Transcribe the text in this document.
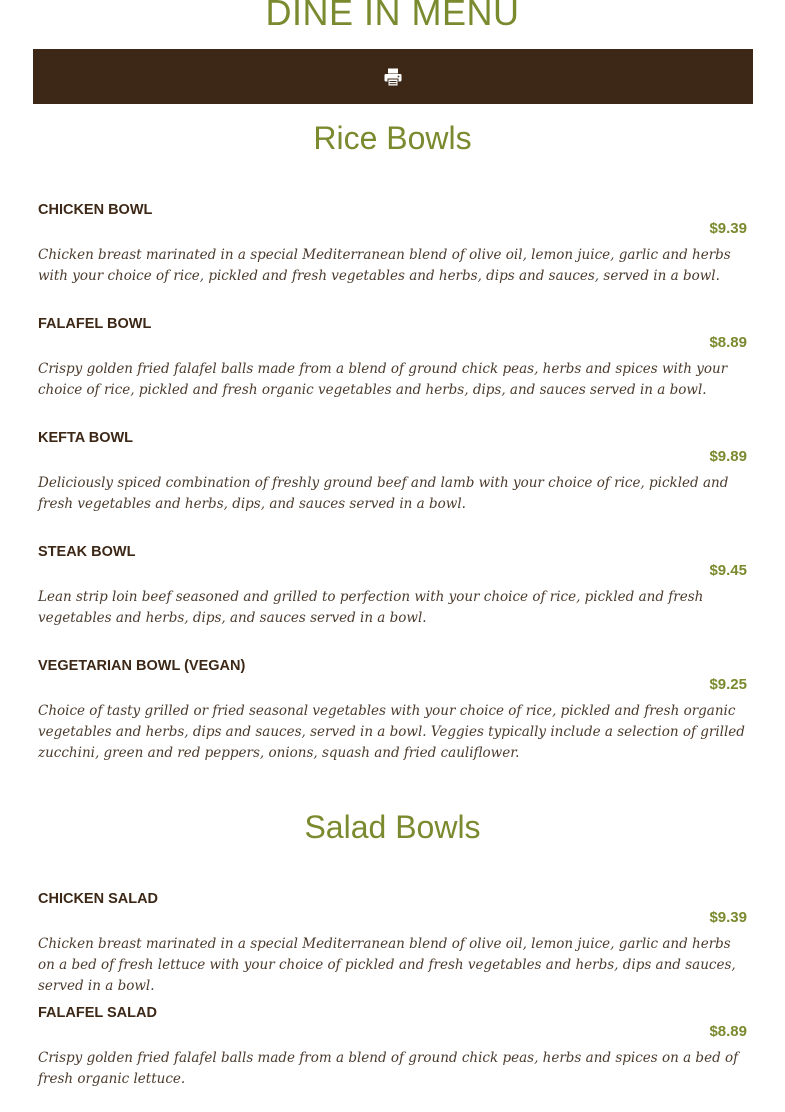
DINE IN MENU
Rice Bowls
CHICKEN BOWL
$9.39

Chicken breast marinated in a special Mediterranean blend of olive oil, lemon juice, garlic and herbs with your choice of rice, pickled and fresh vegetables and herbs, dips and sauces, served in a bowl.

FALAFEL BOWL
$8.89

Crispy golden fried falafel balls made from a blend of ground chick peas, herbs and spices with your choice of rice, pickled and fresh organic vegetables and herbs, dips, and sauces served in a bowl.

KEFTA BOWL
$9.89

Deliciously spiced combination of freshly ground beef and lamb with your choice of rice, pickled and fresh vegetables and herbs, dips, and sauces served in a bowl.

STEAK BOWL
$9.45

Lean strip loin beef seasoned and grilled to perfection with your choice of rice, pickled and fresh vegetables and herbs, dips, and sauces served in a bowl.

VEGETARIAN BOWL (VEGAN)
$9.25

Choice of tasty grilled or fried seasonal vegetables with your choice of rice, pickled and fresh organic vegetables and herbs, dips and sauces, served in a bowl. Veggies typically include a selection of grilled zucchini, green and red peppers, onions, squash and fried cauliflower.

Salad Bowls
CHICKEN SALAD
$9.39

Chicken breast marinated in a special Mediterranean blend of olive oil, lemon juice, garlic and herbs on a bed of fresh lettuce with your choice of pickled and fresh vegetables and herbs, dips and sauces, served in a bowl.

FALAFEL SALAD
$8.89

Crispy golden fried falafel balls made from a blend of ground chick peas, herbs and spices on a bed of fresh organic lettuce.
